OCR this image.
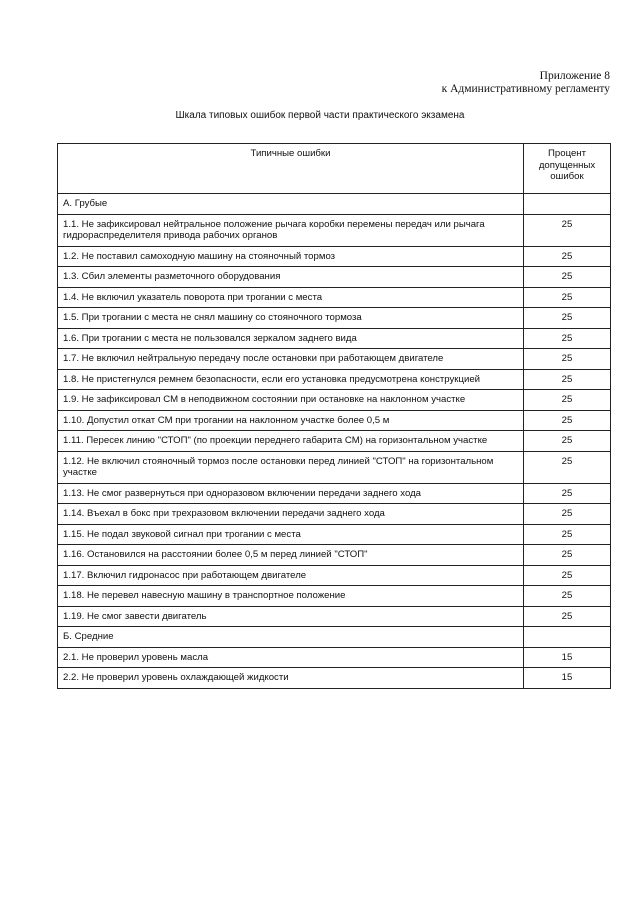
Приложение 8
к Административному регламенту
Шкала типовых ошибок первой части практического экзамена
Типичные ошибки	Процент допущенных ошибок
А. Грубые	
1.1. Не зафиксировал нейтральное положение рычага коробки перемены передач или рычага гидрораспределителя привода рабочих органов	25
1.2. Не поставил самоходную машину на стояночный тормоз	25
1.3. Сбил элементы разметочного оборудования	25
1.4. Не включил указатель поворота при трогании с места	25
1.5. При трогании с места не снял машину со стояночного тормоза	25
1.6. При трогании с места не пользовался зеркалом заднего вида	25
1.7. Не включил нейтральную передачу после остановки при работающем двигателе	25
1.8. Не пристегнулся ремнем безопасности, если его установка предусмотрена конструкцией	25
1.9. Не зафиксировал СМ в неподвижном состоянии при остановке на наклонном участке	25
1.10. Допустил откат СМ при трогании на наклонном участке более 0,5 м	25
1.11. Пересек линию "СТОП" (по проекции переднего габарита СМ) на горизонтальном участке	25
1.12. Не включил стояночный тормоз после остановки перед линией "СТОП" на горизонтальном участке	25
1.13. Не смог развернуться при одноразовом включении передачи заднего хода	25
1.14. Въехал в бокс при трехразовом включении передачи заднего хода	25
1.15. Не подал звуковой сигнал при трогании с места	25
1.16. Остановился на расстоянии более 0,5 м перед линией "СТОП"	25
1.17. Включил гидронасос при работающем двигателе	25
1.18. Не перевел навесную машину в транспортное положение	25
1.19. Не смог завести двигатель	25
Б. Средние	
2.1. Не проверил уровень масла	15
2.2. Не проверил уровень охлаждающей жидкости	15
